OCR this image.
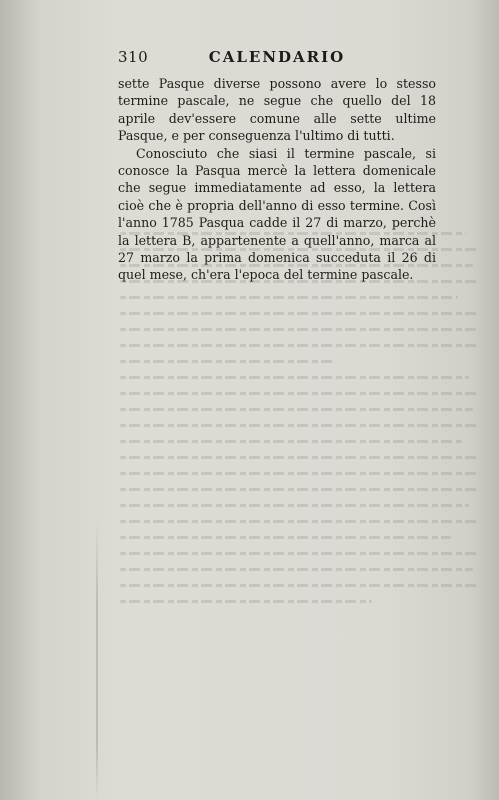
310	CALENDARIO

sette Pasque diverse possono avere lo stesso termine pascale, ne segue che quello del 18 aprile dev'essere comune alle sette ultime Pasque, e per conseguenza l'ultimo di tutti.

Conosciuto che siasi il termine pascale, si conosce la Pasqua mercè la lettera domenicale che segue immediatamente ad esso, la lettera cioè che è propria dell'anno di esso termine. Così l'anno 1785 Pasqua cadde il 27 di marzo, perchè la lettera B, appartenente a quell'anno, marca al 27 marzo la prima domenica succeduta il 26 di quel mese, ch'era l'epoca del termine pascale.
